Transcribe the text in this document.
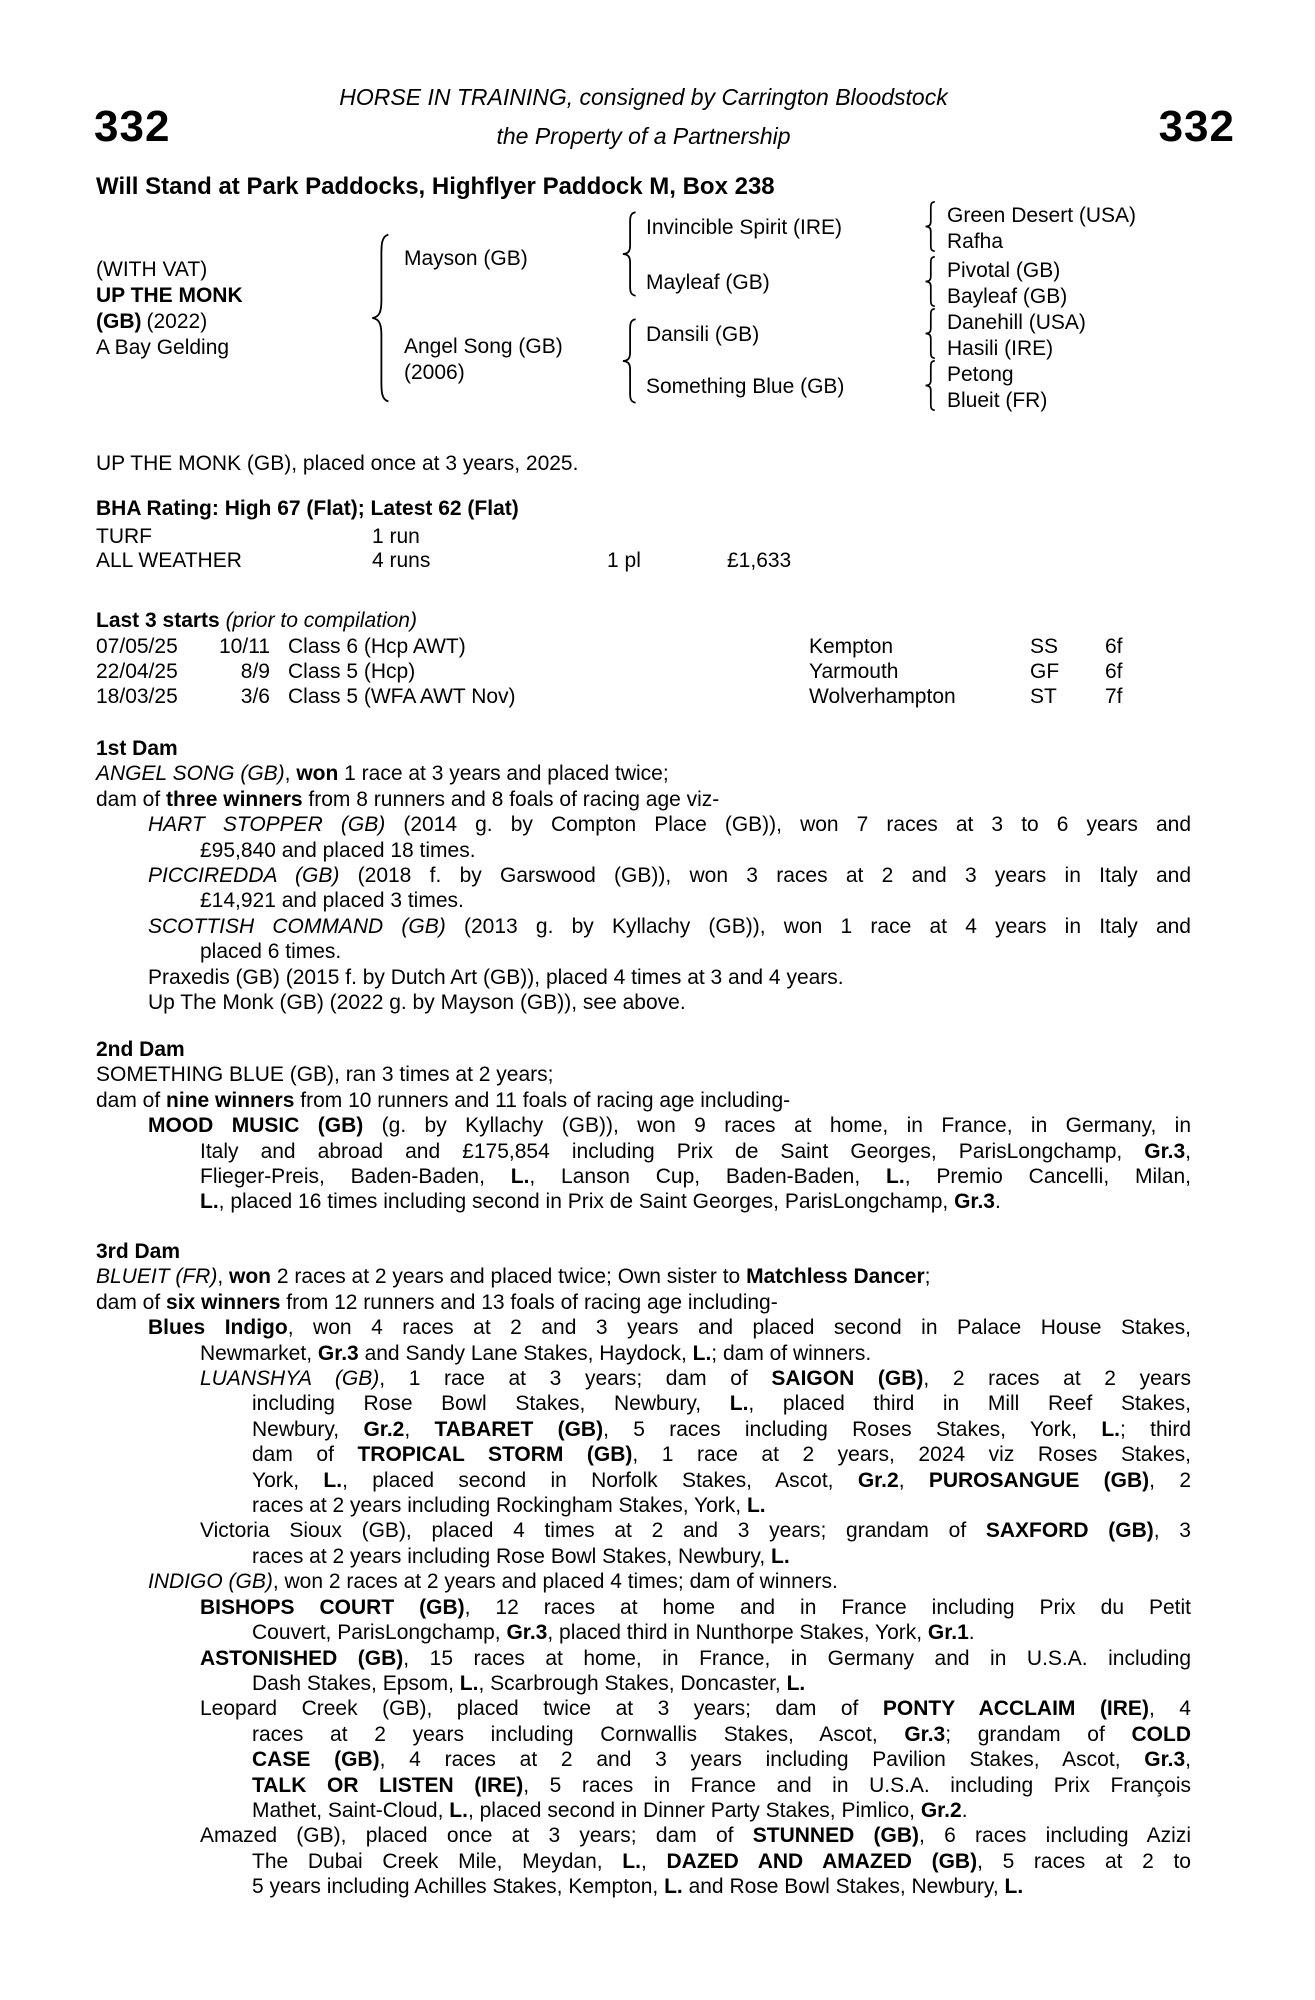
HORSE IN TRAINING, consigned by Carrington Bloodstock
332	332
the Property of a Partnership
Will Stand at Park Paddocks, Highflyer Paddock M, Box 238
(WITH VAT)
UP THE MONK
(GB) (2022)
A Bay Gelding
Mayson (GB)
Angel Song (GB)
(2006)
Invincible Spirit (IRE)
Mayleaf (GB)
Dansili (GB)
Something Blue (GB)
Green Desert (USA)
Rafha
Pivotal (GB)
Bayleaf (GB)
Danehill (USA)
Hasili (IRE)
Petong
Blueit (FR)
UP THE MONK (GB), placed once at 3 years, 2025.
BHA Rating: High 67 (Flat); Latest 62 (Flat)
TURF	1 run
ALL WEATHER	4 runs	1 pl	£1,633
Last 3 starts (prior to compilation)
07/05/25	10/11 Class 6 (Hcp AWT)	Kempton	SS 6f
22/04/25	8/9 Class 5 (Hcp)	Yarmouth	GF 6f
18/03/25	3/6 Class 5 (WFA AWT Nov)	Wolverhampton	ST 7f
1st Dam
ANGEL SONG (GB), won 1 race at 3 years and placed twice;
dam of three winners from 8 runners and 8 foals of racing age viz-
HART STOPPER (GB) (2014 g. by Compton Place (GB)), won 7 races at 3 to 6 years and
£95,840 and placed 18 times.
PICCIREDDA (GB) (2018 f. by Garswood (GB)), won 3 races at 2 and 3 years in Italy and
£14,921 and placed 3 times.
SCOTTISH COMMAND (GB) (2013 g. by Kyllachy (GB)), won 1 race at 4 years in Italy and
placed 6 times.
Praxedis (GB) (2015 f. by Dutch Art (GB)), placed 4 times at 3 and 4 years.
Up The Monk (GB) (2022 g. by Mayson (GB)), see above.
2nd Dam
SOMETHING BLUE (GB), ran 3 times at 2 years;
dam of nine winners from 10 runners and 11 foals of racing age including-
MOOD MUSIC (GB) (g. by Kyllachy (GB)), won 9 races at home, in France, in Germany, in
Italy and abroad and £175,854 including Prix de Saint Georges, ParisLongchamp, Gr.3,
Flieger-Preis, Baden-Baden, L., Lanson Cup, Baden-Baden, L., Premio Cancelli, Milan,
L., placed 16 times including second in Prix de Saint Georges, ParisLongchamp, Gr.3.
3rd Dam
BLUEIT (FR), won 2 races at 2 years and placed twice; Own sister to Matchless Dancer;
dam of six winners from 12 runners and 13 foals of racing age including-
Blues Indigo, won 4 races at 2 and 3 years and placed second in Palace House Stakes,
Newmarket, Gr.3 and Sandy Lane Stakes, Haydock, L.; dam of winners.
LUANSHYA (GB), 1 race at 3 years; dam of SAIGON (GB), 2 races at 2 years
including Rose Bowl Stakes, Newbury, L., placed third in Mill Reef Stakes,
Newbury, Gr.2, TABARET (GB), 5 races including Roses Stakes, York, L.; third
dam of TROPICAL STORM (GB), 1 race at 2 years, 2024 viz Roses Stakes,
York, L., placed second in Norfolk Stakes, Ascot, Gr.2, PUROSANGUE (GB), 2
races at 2 years including Rockingham Stakes, York, L.
Victoria Sioux (GB), placed 4 times at 2 and 3 years; grandam of SAXFORD (GB), 3
races at 2 years including Rose Bowl Stakes, Newbury, L.
INDIGO (GB), won 2 races at 2 years and placed 4 times; dam of winners.
BISHOPS COURT (GB), 12 races at home and in France including Prix du Petit
Couvert, ParisLongchamp, Gr.3, placed third in Nunthorpe Stakes, York, Gr.1.
ASTONISHED (GB), 15 races at home, in France, in Germany and in U.S.A. including
Dash Stakes, Epsom, L., Scarbrough Stakes, Doncaster, L.
Leopard Creek (GB), placed twice at 3 years; dam of PONTY ACCLAIM (IRE), 4
races at 2 years including Cornwallis Stakes, Ascot, Gr.3; grandam of COLD
CASE (GB), 4 races at 2 and 3 years including Pavilion Stakes, Ascot, Gr.3,
TALK OR LISTEN (IRE), 5 races in France and in U.S.A. including Prix François
Mathet, Saint-Cloud, L., placed second in Dinner Party Stakes, Pimlico, Gr.2.
Amazed (GB), placed once at 3 years; dam of STUNNED (GB), 6 races including Azizi
The Dubai Creek Mile, Meydan, L., DAZED AND AMAZED (GB), 5 races at 2 to
5 years including Achilles Stakes, Kempton, L. and Rose Bowl Stakes, Newbury, L.
